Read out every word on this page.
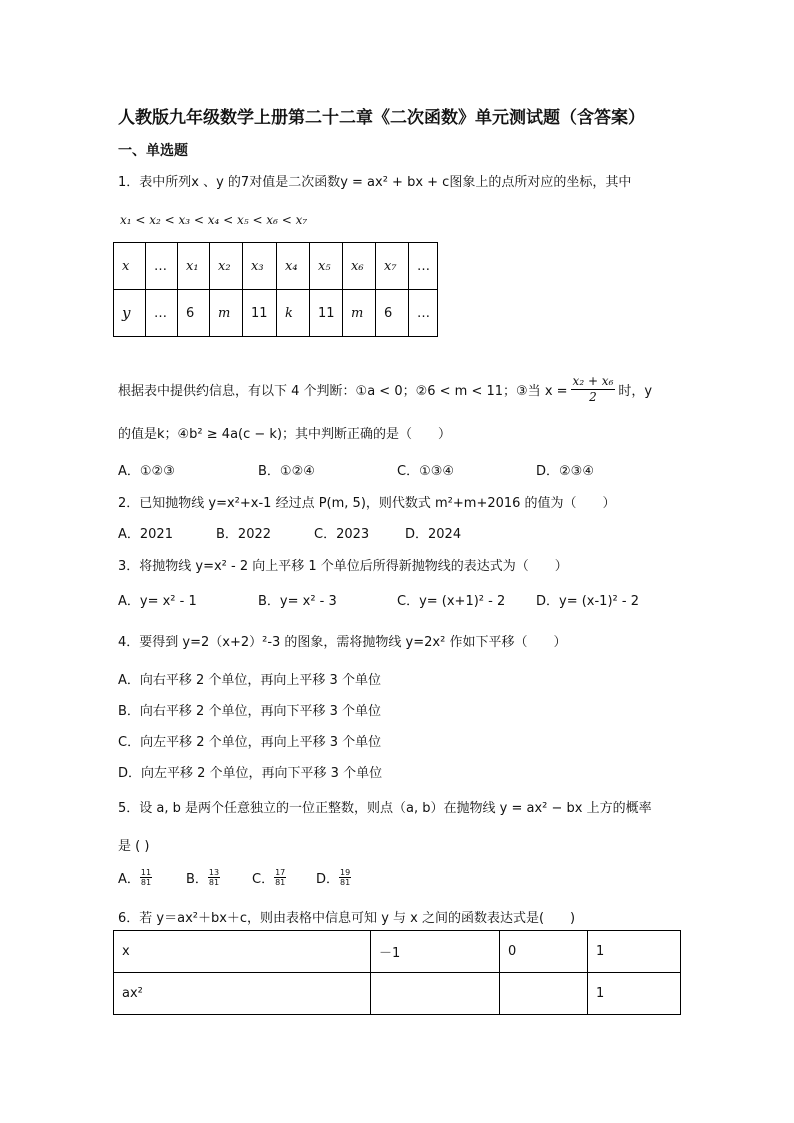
人教版九年级数学上册第二十二章《二次函数》单元测试题（含答案）
一、单选题
1．表中所列x 、y 的7对值是二次函数y = ax² + bx + c图象上的点所对应的坐标，其中
x₁ < x₂ < x₃ < x₄ < x₅ < x₆ < x₇
x	…	x₁	x₂	x₃	x₄	x₅	x₆	x₇	…
y	…	6	m	11	k	11	m	6	…
根据表中提供约信息，有以下 4 个判断：①a < 0；②6 < m < 11；③当 $x = \frac{\text{x₂ + x₆}}{2}$ 时，y
的值是k；④b² ≥ 4a(c − k)；其中判断正确的是（　　）
A．①②③	B．①②④	C．①③④	D．②③④
2．已知抛物线 y=x²+x-1 经过点 P(m, 5)，则代数式 m²+m+2016 的值为（　　）
A．2021	B．2022	C．2023	D．2024
3．将抛物线 y=x² - 2 向上平移 1 个单位后所得新抛物线的表达式为（　　）
A．y= x² - 1	B．y= x² - 3	C．y= (x+1)² - 2 D．y= (x-1)² - 2
4．要得到 y=2（x+2）²-3 的图象，需将抛物线 y=2x² 作如下平移（　　）
A．向右平移 2 个单位，再向上平移 3 个单位
B．向右平移 2 个单位，再向下平移 3 个单位
C．向左平移 2 个单位，再向上平移 3 个单位
D．向左平移 2 个单位，再向下平移 3 个单位
5．设 a, b 是两个任意独立的一位正整数，则点（a, b）在抛物线 y = ax² − bx 上方的概率
是 ( )
A． $\frac{11}{81}$	B． $\frac{13}{81}$ C． $\frac{17}{81}$ D． $\frac{19}{81}$
6．若 y＝ax²＋bx＋c，则由表格中信息可知 y 与 x 之间的函数表达式是(　　)
x	－1	0	1
ax²			1
